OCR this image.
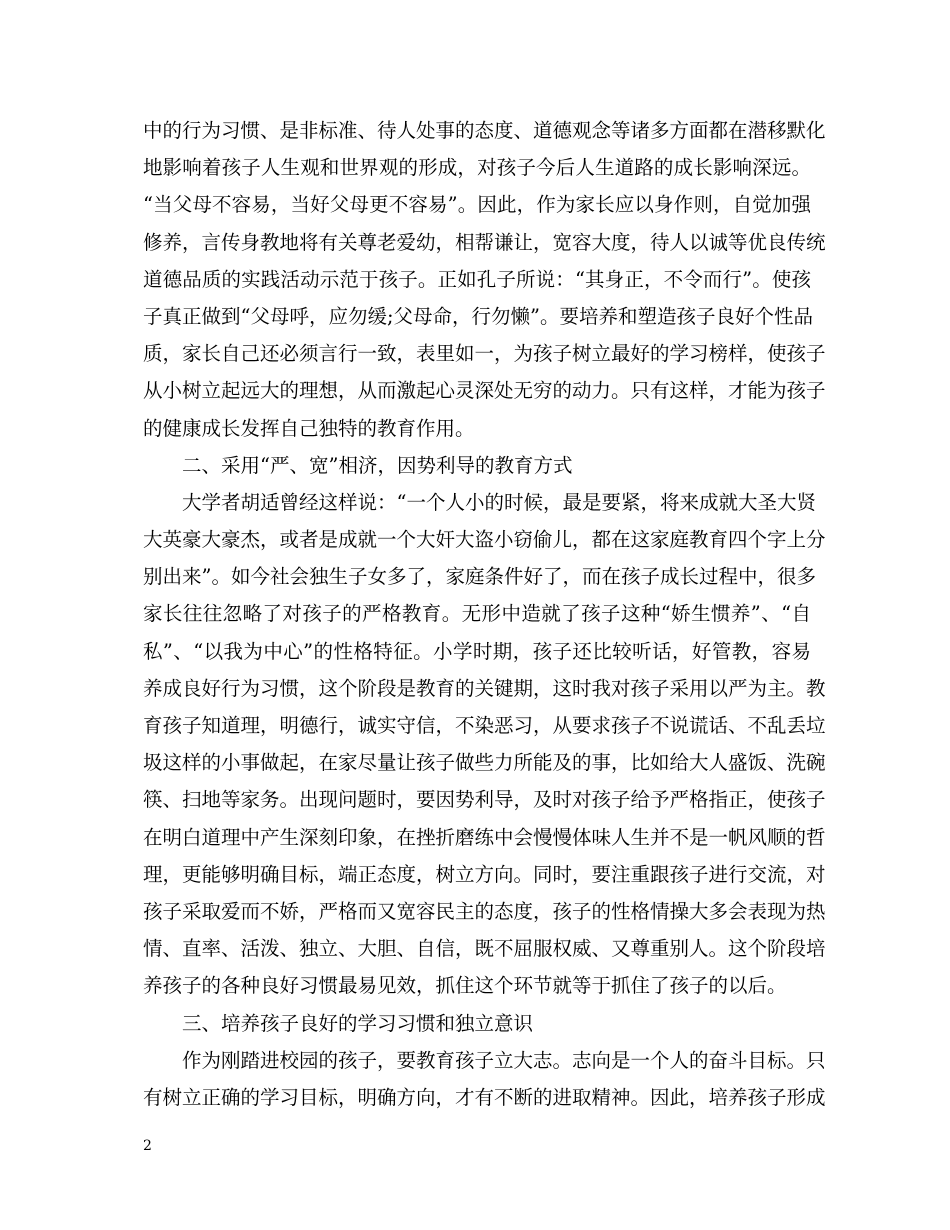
中的行为习惯、是非标准、待人处事的态度、道德观念等诸多方面都在潜移默化
地影响着孩子人生观和世界观的形成，对孩子今后人生道路的成长影响深远。
“当父母不容易，当好父母更不容易”。因此，作为家长应以身作则，自觉加强
修养，言传身教地将有关尊老爱幼，相帮谦让，宽容大度，待人以诚等优良传统
道德品质的实践活动示范于孩子。正如孔子所说：“其身正，不令而行”。使孩
子真正做到“父母呼，应勿缓;父母命，行勿懒”。要培养和塑造孩子良好个性品
质，家长自己还必须言行一致，表里如一，为孩子树立最好的学习榜样，使孩子
从小树立起远大的理想，从而激起心灵深处无穷的动力。只有这样，才能为孩子
的健康成长发挥自己独特的教育作用。
二、采用“严、宽”相济，因势利导的教育方式
大学者胡适曾经这样说：“一个人小的时候，最是要紧，将来成就大圣大贤
大英豪大豪杰，或者是成就一个大奸大盗小窃偷儿，都在这家庭教育四个字上分
别出来”。如今社会独生子女多了，家庭条件好了，而在孩子成长过程中，很多
家长往往忽略了对孩子的严格教育。无形中造就了孩子这种“娇生惯养”、“自
私”、“以我为中心”的性格特征。小学时期，孩子还比较听话，好管教，容易
养成良好行为习惯，这个阶段是教育的关键期，这时我对孩子采用以严为主。教
育孩子知道理，明德行，诚实守信，不染恶习，从要求孩子不说谎话、不乱丢垃
圾这样的小事做起，在家尽量让孩子做些力所能及的事，比如给大人盛饭、洗碗
筷、扫地等家务。出现问题时，要因势利导，及时对孩子给予严格指正，使孩子
在明白道理中产生深刻印象，在挫折磨练中会慢慢体味人生并不是一帆风顺的哲
理，更能够明确目标，端正态度，树立方向。同时，要注重跟孩子进行交流，对
孩子采取爱而不娇，严格而又宽容民主的态度，孩子的性格情操大多会表现为热
情、直率、活泼、独立、大胆、自信，既不屈服权威、又尊重别人。这个阶段培
养孩子的各种良好习惯最易见效，抓住这个环节就等于抓住了孩子的以后。
三、培养孩子良好的学习习惯和独立意识
作为刚踏进校园的孩子，要教育孩子立大志。志向是一个人的奋斗目标。只
有树立正确的学习目标，明确方向，才有不断的进取精神。因此，培养孩子形成
2
